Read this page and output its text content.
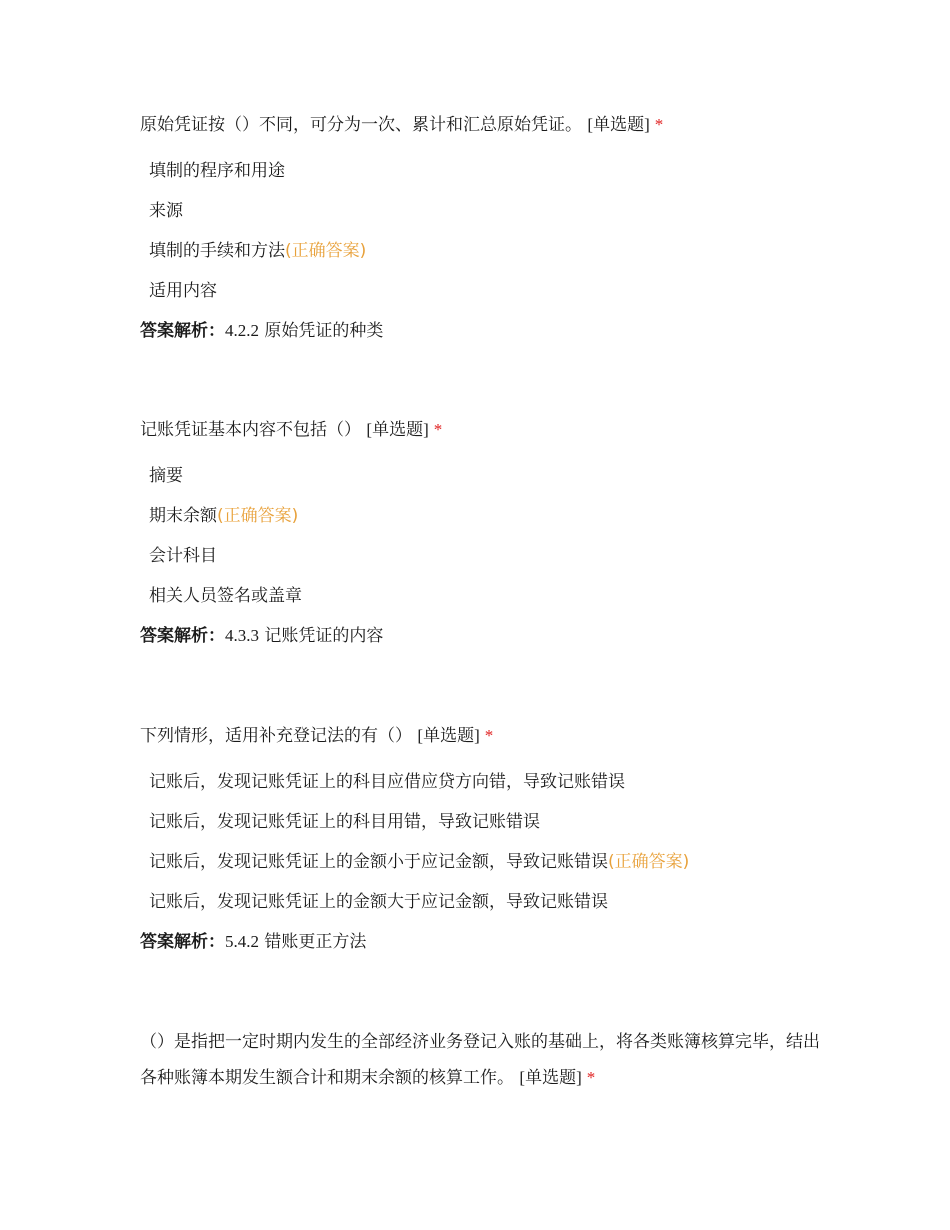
原始凭证按（）不同，可分为一次、累计和汇总原始凭证。 [单选题] *

填制的程序和用途
来源
填制的手续和方法(正确答案)
适用内容
答案解析：4.2.2 原始凭证的种类

记账凭证基本内容不包括（） [单选题] *

摘要
期末余额(正确答案)
会计科目
相关人员签名或盖章
答案解析：4.3.3 记账凭证的内容

下列情形，适用补充登记法的有（） [单选题] *

记账后，发现记账凭证上的科目应借应贷方向错，导致记账错误
记账后，发现记账凭证上的科目用错，导致记账错误
记账后，发现记账凭证上的金额小于应记金额，导致记账错误(正确答案)
记账后，发现记账凭证上的金额大于应记金额，导致记账错误
答案解析：5.4.2 错账更正方法

（）是指把一定时期内发生的全部经济业务登记入账的基础上，将各类账簿核算完毕，结出各种账簿本期发生额合计和期末余额的核算工作。 [单选题] *
